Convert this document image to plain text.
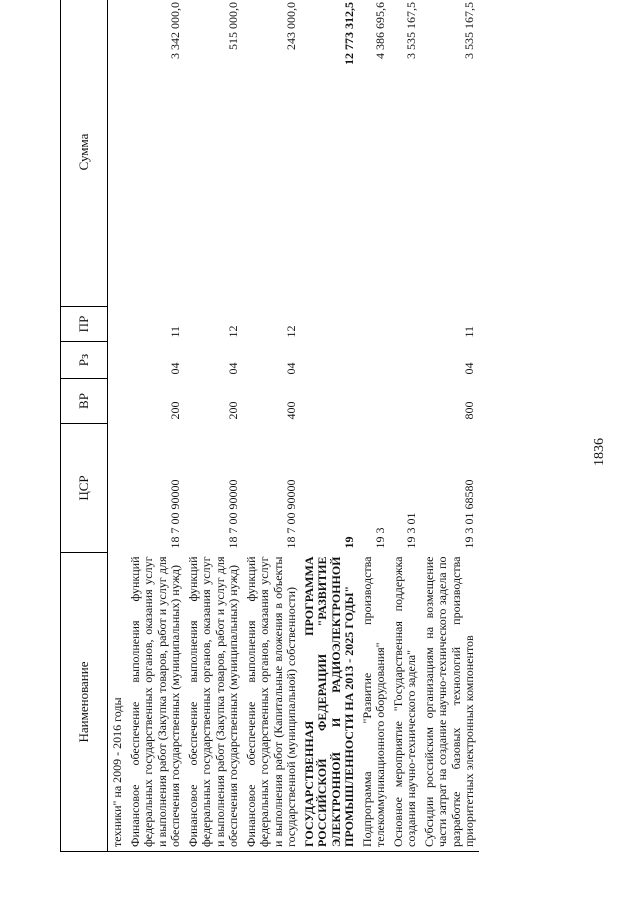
1836
Наименование	ЦСР	ВР	Рз	ПР	Сумма
техники" на 2009 - 2016 годы					
Финансовое обеспечение выполнения функций федеральных государственных органов, оказания услуг и выполнения работ (Закупка товаров, работ и услуг для обеспечения государственных (муниципальных) нужд)	18 7 00 90000	200	04	11	3 342 000,0
Финансовое обеспечение выполнения функций федеральных государственных органов, оказания услуг и выполнения работ (Закупка товаров, работ и услуг для обеспечения государственных (муниципальных) нужд)	18 7 00 90000	200	04	12	515 000,0
Финансовое обеспечение выполнения функций федеральных государственных органов, оказания услуг и выполнения работ (Капитальные вложения в объекты государственной (муниципальной) собственности)	18 7 00 90000	400	04	12	243 000,0
ГОСУДАРСТВЕННАЯ ПРОГРАММА РОССИЙСКОЙ ФЕДЕРАЦИИ "РАЗВИТИЕ ЭЛЕКТРОННОЙ И РАДИОЭЛЕКТРОННОЙ ПРОМЫШЛЕННОСТИ НА 2013 - 2025 ГОДЫ"	19				12 773 312,5
Подпрограмма "Развитие производства телекоммуникационного оборудования"	19 3				4 386 695,6
Основное мероприятие "Государственная поддержка создания научно-технического задела"	19 3 01				3 535 167,5
Субсидии российским организациям на возмещение части затрат на создание научно-технического задела по разработке базовых технологий производства приоритетных электронных компонентов	19 3 01 68580	800	04	11	3 535 167,5
